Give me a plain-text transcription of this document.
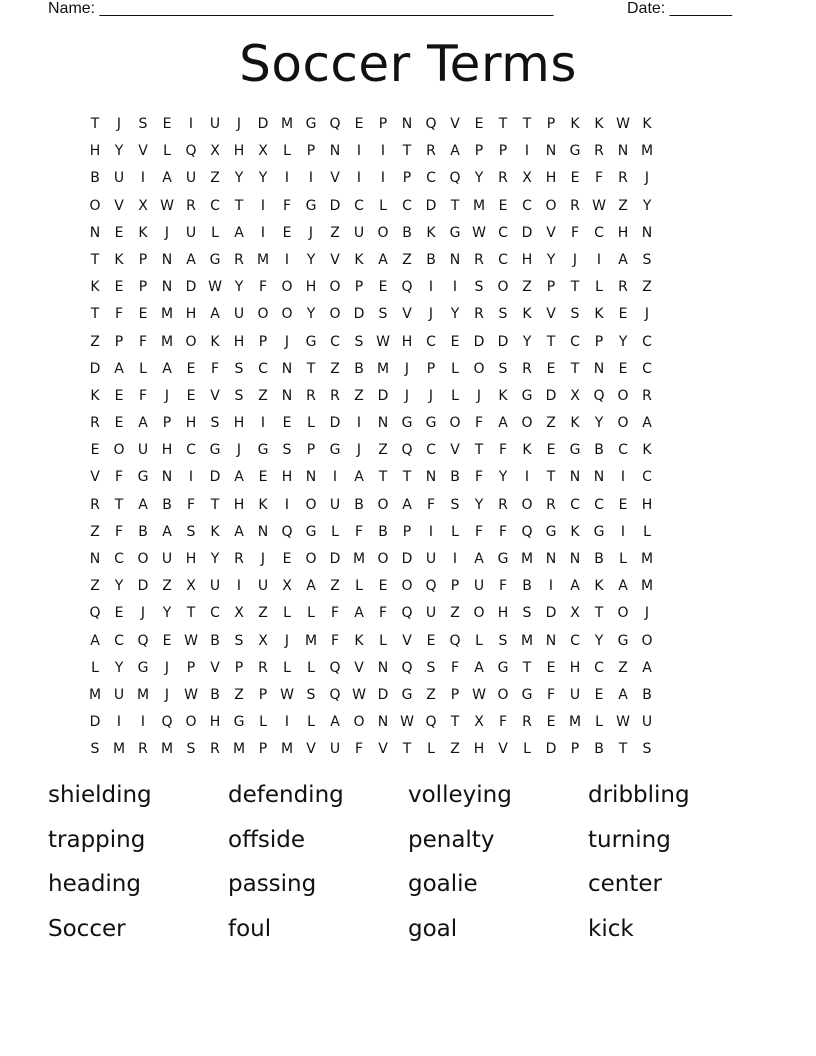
Name: ___________________________________________________	Date: _______
Soccer Terms
T	J	S	E	I	U	J	D M G Q	E	P	N Q V	E	T	T	P	K	K W K
H	Y	V	L	Q X H X	L	P	N	I	I	T	R	A	P	P	I	N G R N M
B	U	I	A	U	Z	Y	Y	I	I	V	I	I	P	C Q	Y	R	X H	E	F	R	J
O V	X W R	C	T	I	F	G D C	L	C D	T M E	C O R W Z	Y
N	E	K	J	U	L	A	I	E	J	Z	U O B	K G W C D V	F	C H N
T	K	P	N A G R M	I	Y	V	K	A	Z	B N R	C H	Y	J	I	A	S
K	E	P	N D W Y	F	O H O	P	E	Q	I	I	S	O Z	P	T	L	R	Z
T	F	E M H A	U O O	Y	O D	S	V	J	Y	R	S	K	V	S	K	E	J
Z	P	F M O K	H	P	J	G C	S W H C	E	D D	Y	T	C	P	Y	C
D A	L	A	E	F	S	C N	T	Z	B M	J	P	L	O	S	R	E	T	N	E	C
K	E	F	J	E	V	S	Z N R	R	Z D	J	J	L	J	K G D X Q O R
R	E	A	P	H	S	H	I	E	L	D	I	N G G O	F	A O Z	K	Y	O A
E	O U H C G	J	G	S	P	G	J	Z Q C	V	T	F	K	E	G B	C	K
V	F	G N	I	D A	E	H N	I	A	T	T	N B	F	Y	I	T	N N	I	C
R	T	A	B	F	T	H	K	I	O U	B O A	F	S	Y	R O R	C	C	E	H
Z	F	B	A	S	K	A N Q G	L	F	B	P	I	L	F	F	Q G K G	I	L
N C O U H	Y	R	J	E	O D M O D U	I	A G M N N B	L	M
Z	Y	D Z	X	U	I	U	X	A	Z	L	E	O Q	P	U	F	B	I	A	K	A M
Q	E	J	Y	T	C	X	Z	L	L	F	A	F	Q U	Z O H	S	D X	T	O	J
A	C Q	E W B	S	X	J	M F	K	L	V	E	Q	L	S M N C	Y	G O
L	Y	G	J	P	V	P	R	L	L	Q V N Q	S	F	A G	T	E	H C	Z	A
M U M	J	W B	Z	P W S	Q W D G Z	P W O G	F	U	E	A	B
D	I	I	Q O H G	L	I	L	A O N W Q	T	X	F	R	E M	L W U
S M R M S	R M P M V	U	F	V	T	L	Z H V	L	D	P	B	T	S
shielding	defending	volleying	dribbling
trapping	offside	penalty	turning
heading	passing	goalie	center
Soccer	foul	goal	kick
